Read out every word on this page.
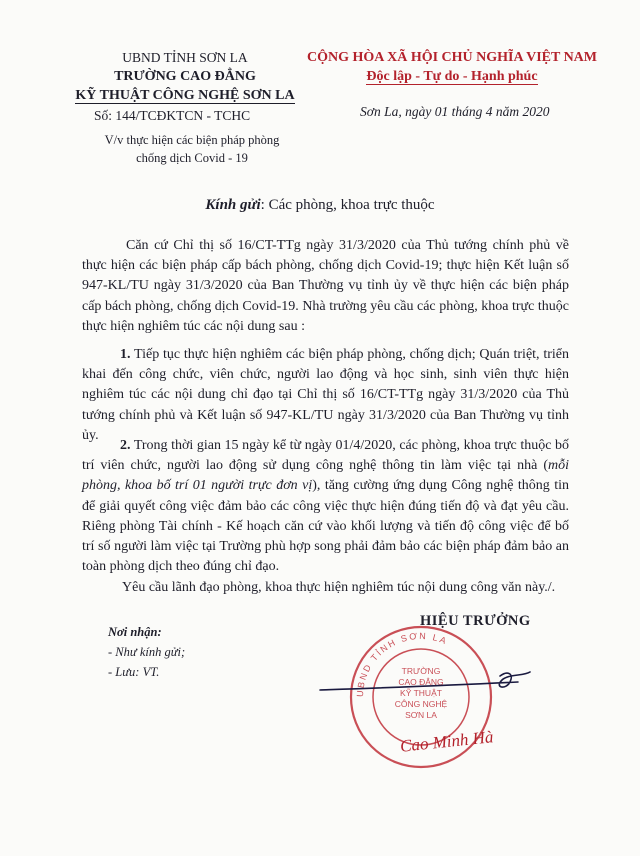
UBND TỈNH SƠN LA
TRƯỜNG CAO ĐẲNG
KỸ THUẬT CÔNG NGHỆ SƠN LA
Số: 144/TCĐKTCN - TCHC
V/v thực hiện các biện pháp phòng chống dịch Covid - 19
CỘNG HÒA XÃ HỘI CHỦ NGHĨA VIỆT NAM
Độc lập - Tự do - Hạnh phúc
Sơn La, ngày 01 tháng 4 năm 2020
Kính gửi: Các phòng, khoa trực thuộc
Căn cứ Chỉ thị số 16/CT-TTg ngày 31/3/2020 của Thủ tướng chính phủ về thực hiện các biện pháp cấp bách phòng, chống dịch Covid-19; thực hiện Kết luận số 947-KL/TU ngày 31/3/2020 của Ban Thường vụ tỉnh ủy về thực hiện các biện pháp cấp bách phòng, chống dịch Covid-19. Nhà trường yêu cầu các phòng, khoa trực thuộc thực hiện nghiêm túc các nội dung sau :
1. Tiếp tục thực hiện nghiêm các biện pháp phòng, chống dịch; Quán triệt, triển khai đến công chức, viên chức, người lao động và học sinh, sinh viên thực hiện nghiêm túc các nội dung chỉ đạo tại Chỉ thị số 16/CT-TTg ngày 31/3/2020 của Thủ tướng chính phủ và Kết luận số 947-KL/TU ngày 31/3/2020 của Ban Thường vụ tỉnh ủy.
2. Trong thời gian 15 ngày kể từ ngày 01/4/2020, các phòng, khoa trực thuộc bố trí viên chức, người lao động sử dụng công nghệ thông tin làm việc tại nhà (mỗi phòng, khoa bố trí 01 người trực đơn vị), tăng cường ứng dụng Công nghệ thông tin để giải quyết công việc đảm bảo các công việc thực hiện đúng tiến độ và đạt yêu cầu. Riêng phòng Tài chính - Kế hoạch căn cứ vào khối lượng và tiến độ công việc để bố trí số người làm việc tại Trường phù hợp song phải đảm bảo các biện pháp đảm bảo an toàn phòng dịch theo đúng chỉ đạo.
Yêu cầu lãnh đạo phòng, khoa thực hiện nghiêm túc nội dung công văn này./.
Nơi nhận:
- Như kính gửi;
- Lưu: VT.
HIỆU TRƯỞNG
UBND TỈNH SƠN LA
TRƯỜNG
CAO ĐẲNG
KỸ THUẬT
CÔNG NGHỆ
SƠN LA
Cao Minh Hà
